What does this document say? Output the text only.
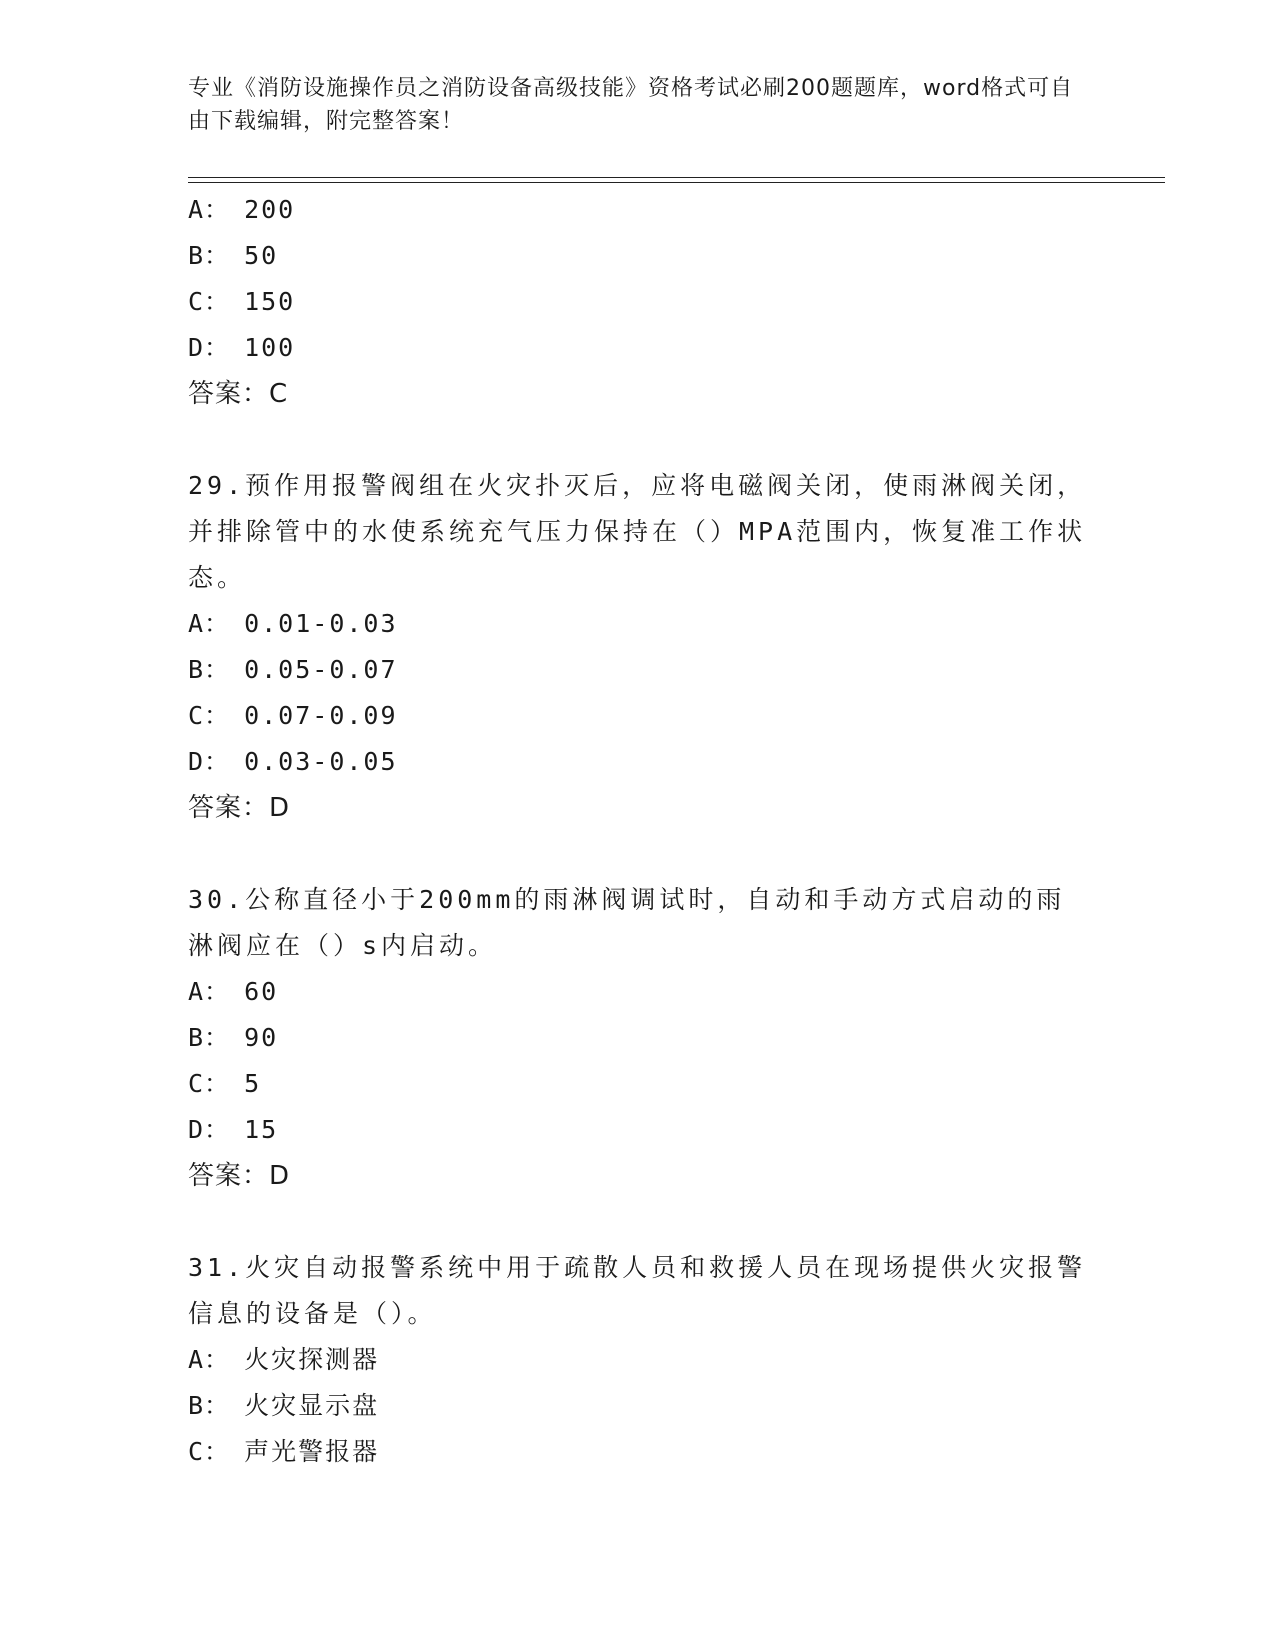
专业《消防设施操作员之消防设备高级技能》资格考试必刷200题题库，word格式可自由下载编辑，附完整答案！
A： 200
B： 50
C： 150
D： 100
答案：C
29.预作用报警阀组在火灾扑灭后，应将电磁阀关闭，使雨淋阀关闭，并排除管中的水使系统充气压力保持在（）MPA范围内，恢复准工作状态。
A： 0.01-0.03
B： 0.05-0.07
C： 0.07-0.09
D： 0.03-0.05
答案：D
30.公称直径小于200mm的雨淋阀调试时，自动和手动方式启动的雨淋阀应在（）s内启动。
A： 60
B： 90
C： 5
D： 15
答案：D
31.火灾自动报警系统中用于疏散人员和救援人员在现场提供火灾报警信息的设备是（）。
A： 火灾探测器
B： 火灾显示盘
C： 声光警报器
